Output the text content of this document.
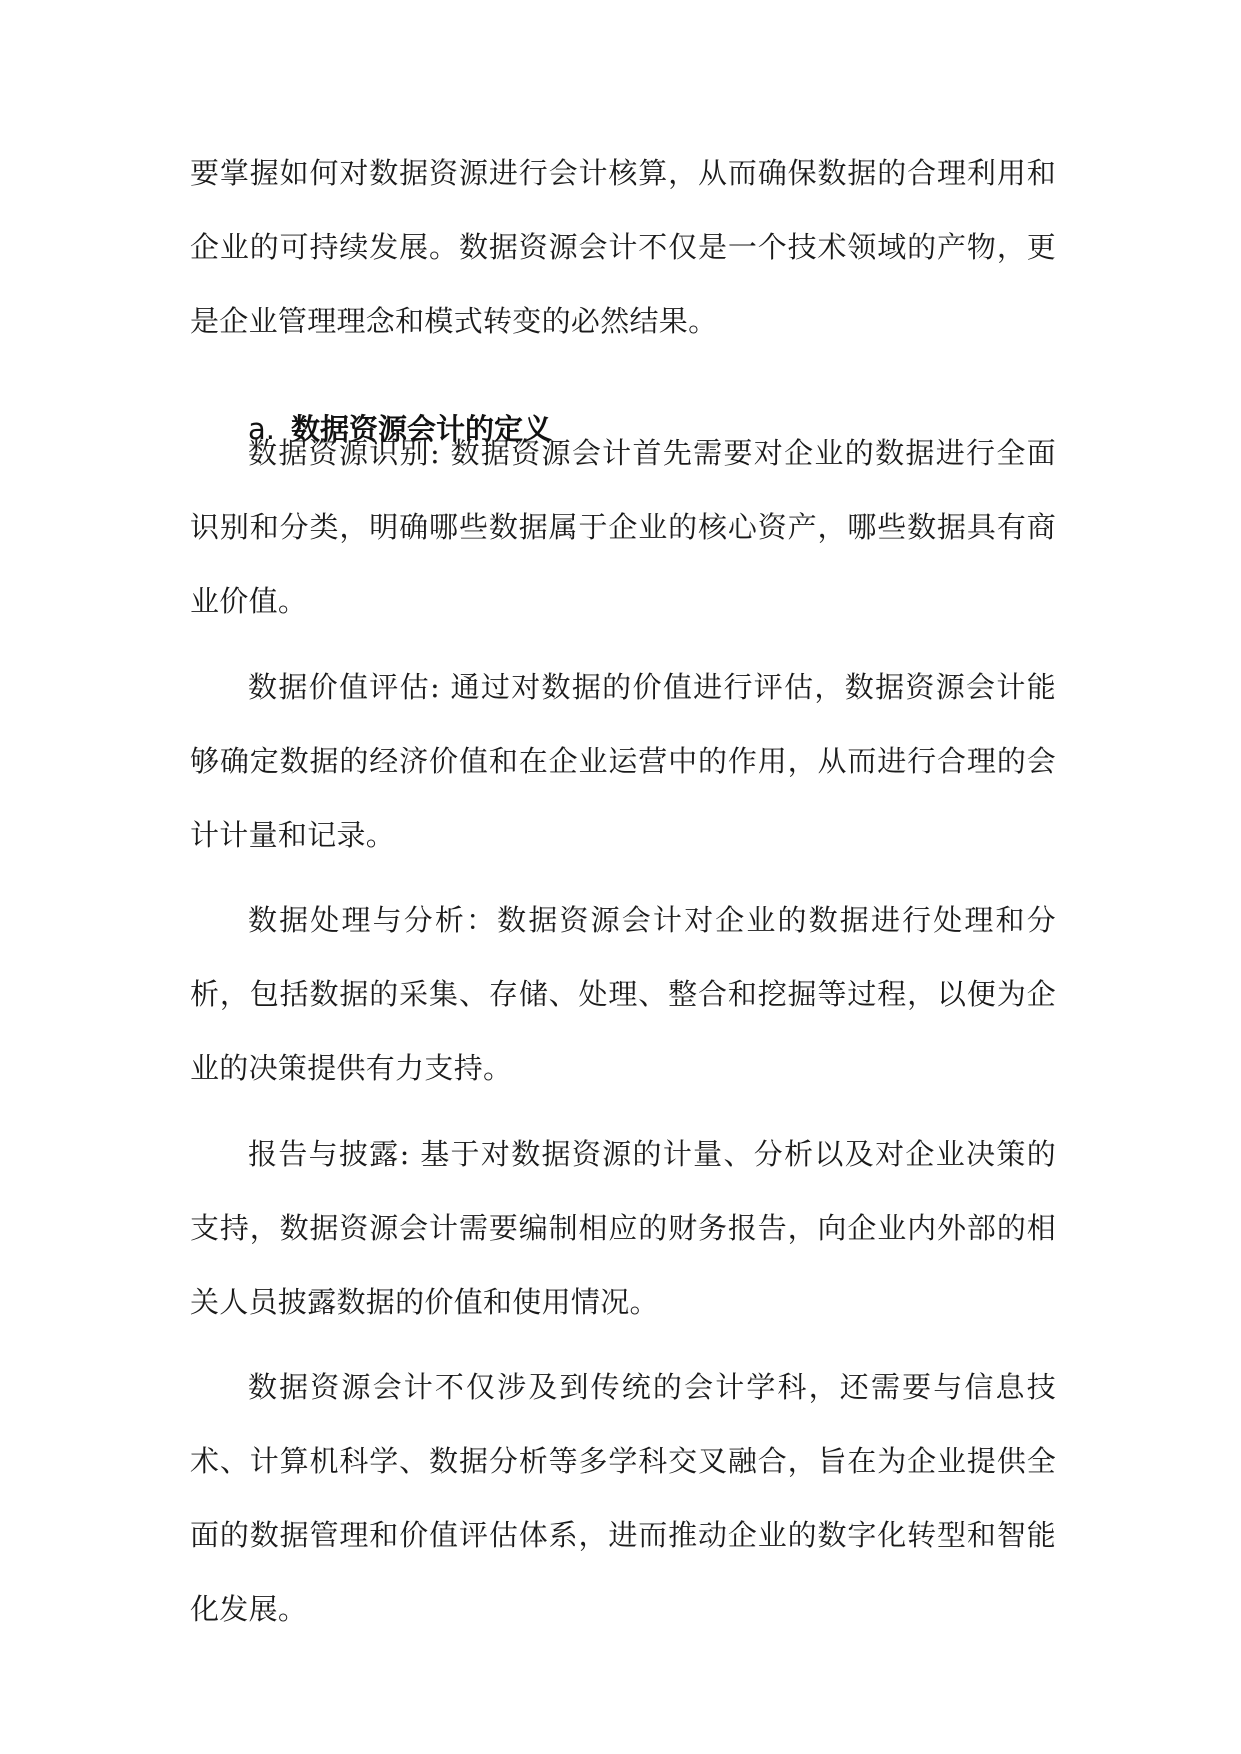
要掌握如何对数据资源进行会计核算，从而确保数据的合理利用和企业的可持续发展。数据资源会计不仅是一个技术领域的产物，更是企业管理理念和模式转变的必然结果。

a. 数据资源会计的定义

数据资源识别: 数据资源会计首先需要对企业的数据进行全面识别和分类，明确哪些数据属于企业的核心资产，哪些数据具有商业价值。

数据价值评估: 通过对数据的价值进行评估，数据资源会计能够确定数据的经济价值和在企业运营中的作用，从而进行合理的会计计量和记录。

数据处理与分析：数据资源会计对企业的数据进行处理和分析，包括数据的采集、存储、处理、整合和挖掘等过程，以便为企业的决策提供有力支持。

报告与披露: 基于对数据资源的计量、分析以及对企业决策的支持，数据资源会计需要编制相应的财务报告，向企业内外部的相关人员披露数据的价值和使用情况。

数据资源会计不仅涉及到传统的会计学科，还需要与信息技术、计算机科学、数据分析等多学科交叉融合，旨在为企业提供全面的数据管理和价值评估体系，进而推动企业的数字化转型和智能化发展。
